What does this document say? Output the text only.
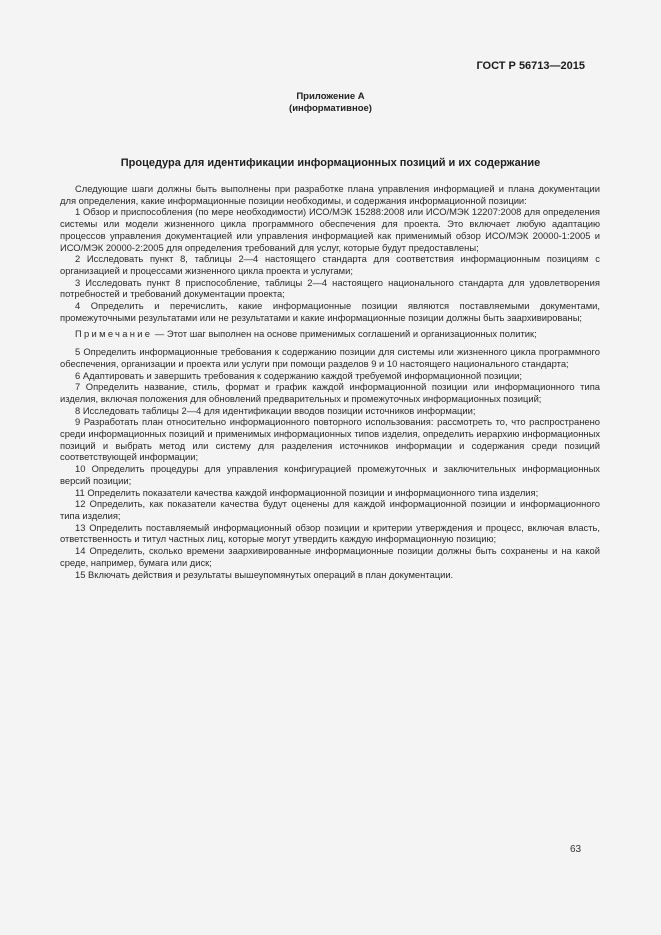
ГОСТ Р 56713—2015
Приложение А
(информативное)
Процедура для идентификации информационных позиций и их содержание

Следующие шаги должны быть выполнены при разработке плана управления информацией и плана документации для определения, какие информационные позиции необходимы, и содержания информационной позиции:

1 Обзор и приспособления (по мере необходимости) ИСО/МЭК 15288:2008 или ИСО/МЭК 12207:2008 для определения системы или модели жизненного цикла программного обеспечения для проекта. Это включает любую адаптацию процессов управления документацией или управления информацией как применимый обзор ИСО/МЭК 20000-1:2005 и ИСО/МЭК 20000-2:2005 для определения требований для услуг, которые будут предоставлены;

2 Исследовать пункт 8, таблицы 2—4 настоящего стандарта для соответствия информационным позициям с организацией и процессами жизненного цикла проекта и услугами;

3 Исследовать пункт 8 приспособление, таблицы 2—4 настоящего национального стандарта для удовлетворения потребностей и требований документации проекта;

4 Определить и перечислить, какие информационные позиции являются поставляемыми документами, промежуточными результатами или не результатами и какие информационные позиции должны быть заархивированы;

Примечание — Этот шаг выполнен на основе применимых соглашений и организационных политик;

5 Определить информационные требования к содержанию позиции для системы или жизненного цикла программного обеспечения, организации и проекта или услуги при помощи разделов 9 и 10 настоящего национального стандарта;

6 Адаптировать и завершить требования к содержанию каждой требуемой информационной позиции;

7 Определить название, стиль, формат и график каждой информационной позиции или информационного типа изделия, включая положения для обновлений предварительных и промежуточных информационных позиций;

8 Исследовать таблицы 2—4 для идентификации вводов позиции источников информации;

9 Разработать план относительно информационного повторного использования: рассмотреть то, что распространено среди информационных позиций и применимых информационных типов изделия, определить иерархию информационных позиций и выбрать метод или систему для разделения источников информации и содержания среди позиций соответствующей информации;

10 Определить процедуры для управления конфигурацией промежуточных и заключительных информационных версий позиции;

11 Определить показатели качества каждой информационной позиции и информационного типа изделия;

12 Определить, как показатели качества будут оценены для каждой информационной позиции и информационного типа изделия;

13 Определить поставляемый информационный обзор позиции и критерии утверждения и процесс, включая власть, ответственность и титул частных лиц, которые могут утвердить каждую информационную позицию;

14 Определить, сколько времени заархивированные информационные позиции должны быть сохранены и на какой среде, например, бумага или диск;

15 Включать действия и результаты вышеупомянутых операций в план документации.

63
